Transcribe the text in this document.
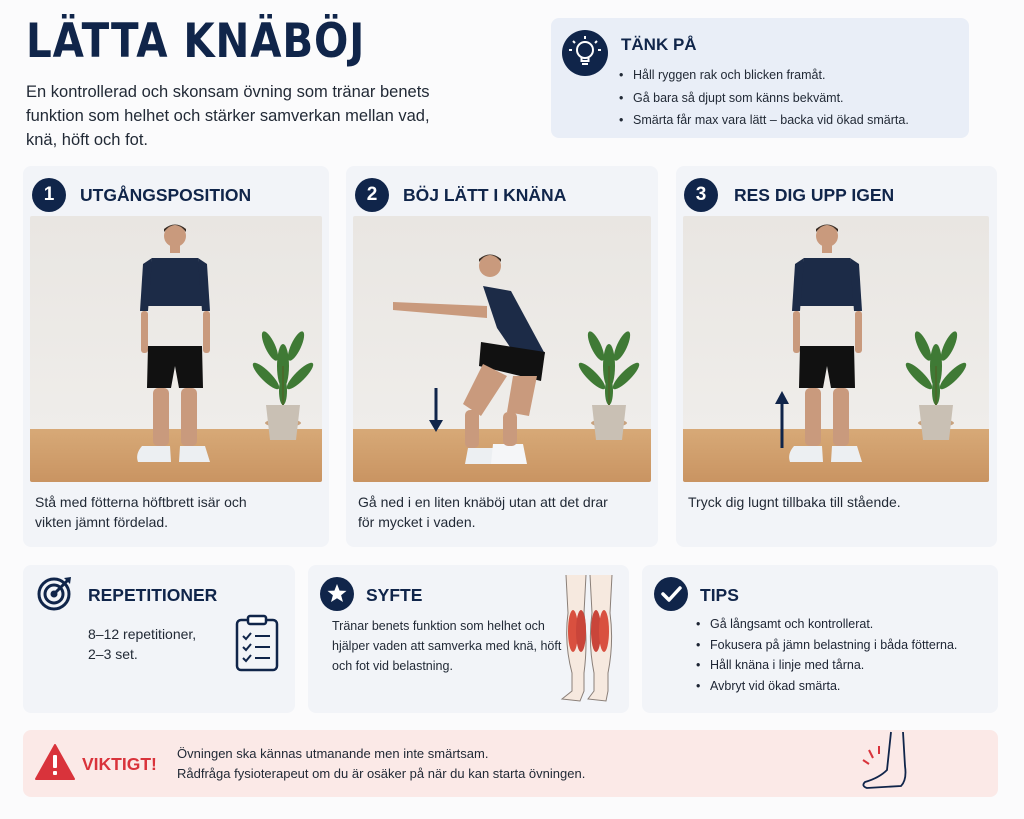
LÄTTA KNÄBÖJ
En kontrollerad och skonsam övning som tränar benets funktion som helhet och stärker samverkan mellan vad, knä, höft och fot.
TÄNK PÅ
• Håll ryggen rak och blicken framåt.
• Gå bara så djupt som känns bekvämt.
• Smärta får max vara lätt – backa vid ökad smärta.
1	UTGÅNGSPOSITION
Stå med fötterna höftbrett isär och vikten jämnt fördelad.
2	BÖJ LÄTT I KNÄNA
Gå ned i en liten knäböj utan att det drar för mycket i vaden.
3	RES DIG UPP IGEN
Tryck dig lugnt tillbaka till stående.
REPETITIONER
8–12 repetitioner,
2–3 set.
SYFTE
Tränar benets funktion som helhet och hjälper vaden att samverka med knä, höft och fot vid belastning.
TIPS
• Gå långsamt och kontrollerat.
• Fokusera på jämn belastning i båda fötterna.
• Håll knäna i linje med tårna.
• Avbryt vid ökad smärta.
VIKTIGT!
Övningen ska kännas utmanande men inte smärtsam.
Rådfråga fysioterapeut om du är osäker på när du kan starta övningen.
